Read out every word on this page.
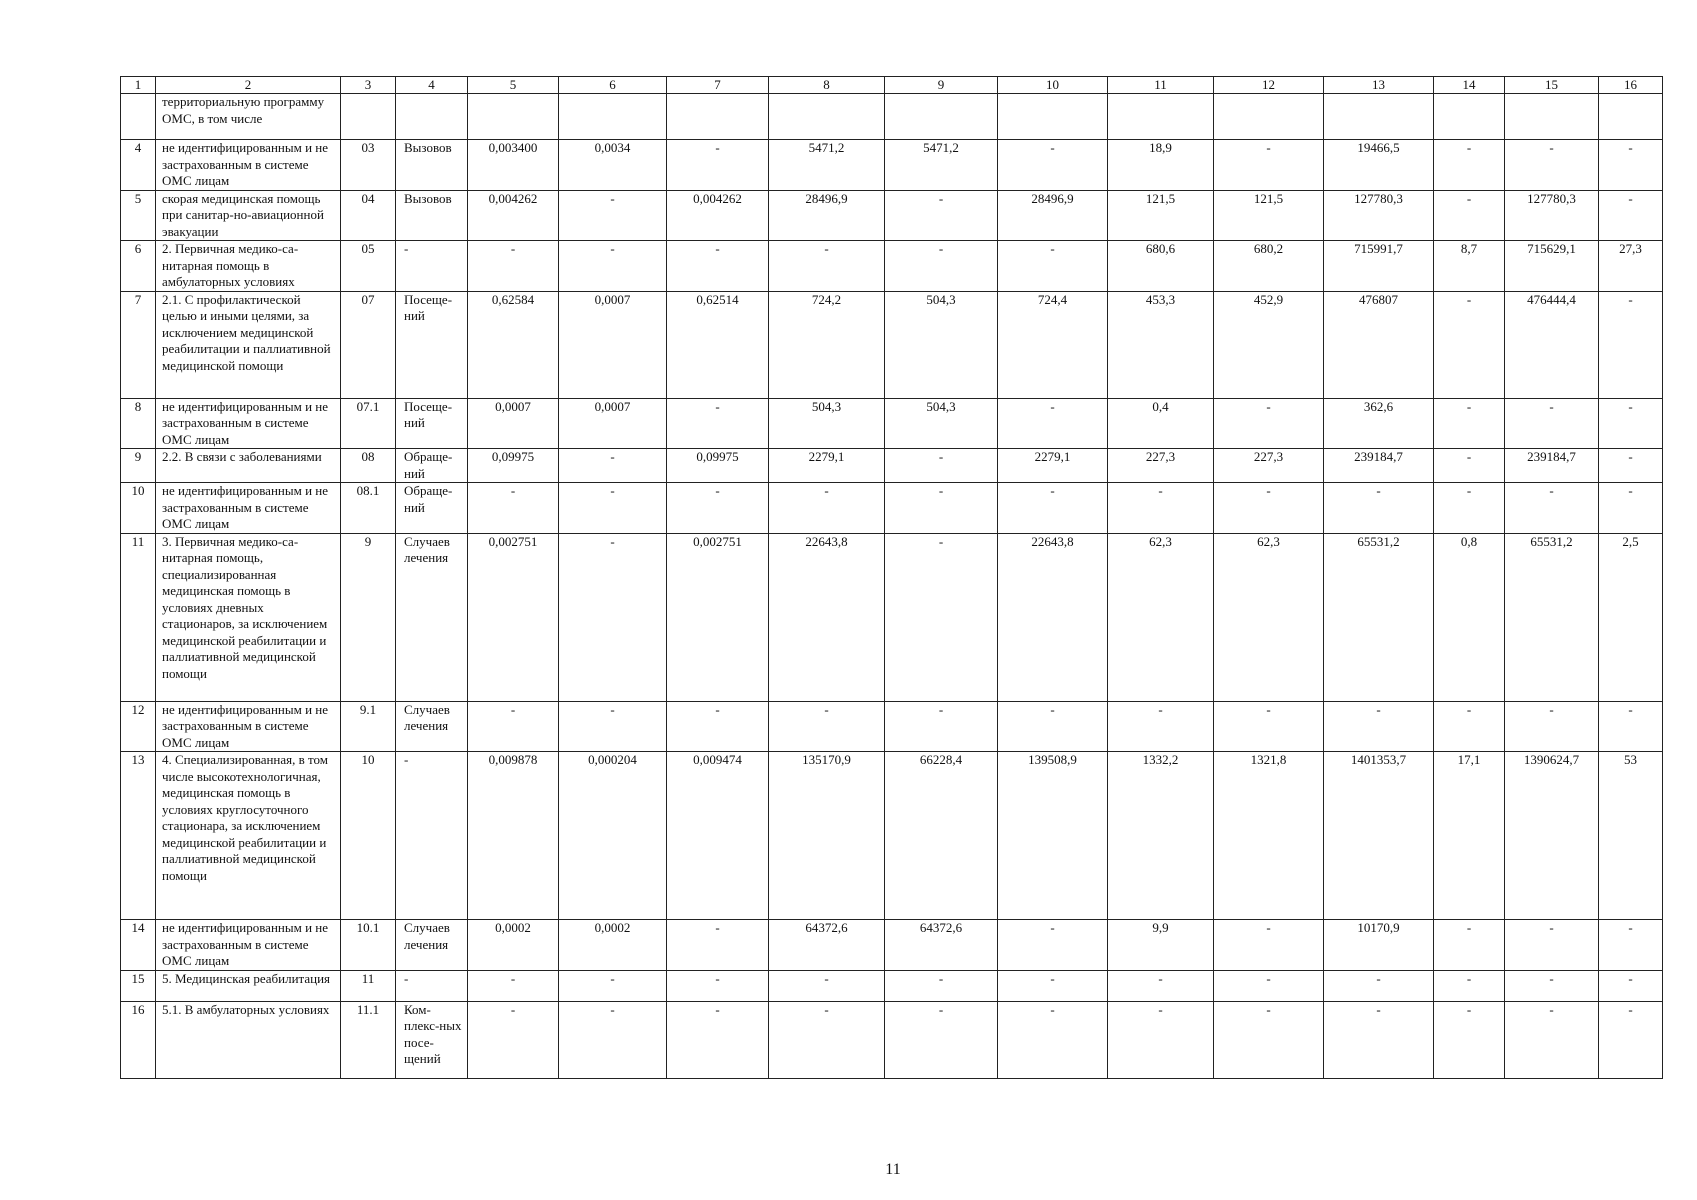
1	2	3	4	5	6	7	8	9	10	11	12	13	14	15	16
	территориальную программу ОМС, в том числе														
4	не идентифицированным и не застрахованным в системе ОМС лицам	03	Вызовов	0,003400	0,0034	-	5471,2	5471,2	-	18,9	-	19466,5	-	-	-
5	скорая медицинская помощь при санитар-но-авиационной эвакуации	04	Вызовов	0,004262	-	0,004262	28496,9	-	28496,9	121,5	121,5	127780,3	-	127780,3	-
6	2. Первичная медико-са-нитарная помощь в амбулаторных условиях	05	-	-	-	-	-	-	-	680,6	680,2	715991,7	8,7	715629,1	27,3
7	2.1. С профилактической целью и иными целями, за исключением медицинской реабилитации и паллиативной медицинской помощи	07	Посеще-ний	0,62584	0,0007	0,62514	724,2	504,3	724,4	453,3	452,9	476807	-	476444,4	-
8	не идентифицированным и не застрахованным в системе ОМС лицам	07.1	Посеще-ний	0,0007	0,0007	-	504,3	504,3	-	0,4	-	362,6	-	-	-
9	2.2. В связи с заболеваниями	08	Обраще-ний	0,09975	-	0,09975	2279,1	-	2279,1	227,3	227,3	239184,7	-	239184,7	-
10	не идентифицированным и не застрахованным в системе ОМС лицам	08.1	Обраще-ний	-	-	-	-	-	-	-	-	-	-	-	-
11	3. Первичная медико-са-нитарная помощь, специализированная медицинская помощь в условиях дневных стационаров, за исключением медицинской реабилитации и паллиативной медицинской помощи	9	Случаев лечения	0,002751	-	0,002751	22643,8	-	22643,8	62,3	62,3	65531,2	0,8	65531,2	2,5
12	не идентифицированным и не застрахованным в системе ОМС лицам	9.1	Случаев лечения	-	-	-	-	-	-	-	-	-	-	-	-
13	4. Специализированная, в том числе высокотехнологичная, медицинская помощь в условиях круглосуточного стационара, за исключением медицинской реабилитации и паллиативной медицинской помощи	10	-	0,009878	0,000204	0,009474	135170,9	66228,4	139508,9	1332,2	1321,8	1401353,7	17,1	1390624,7	53
14	не идентифицированным и не застрахованным в системе ОМС лицам	10.1	Случаев лечения	0,0002	0,0002	-	64372,6	64372,6	-	9,9	-	10170,9	-	-	-
15	5. Медицинская реабилитация	11	-	-	-	-	-	-	-	-	-	-	-	-	-
16	5.1. В амбулаторных условиях	11.1	Ком-плекс-ных посе-щений	-	-	-	-	-	-	-	-	-	-	-	-
11
